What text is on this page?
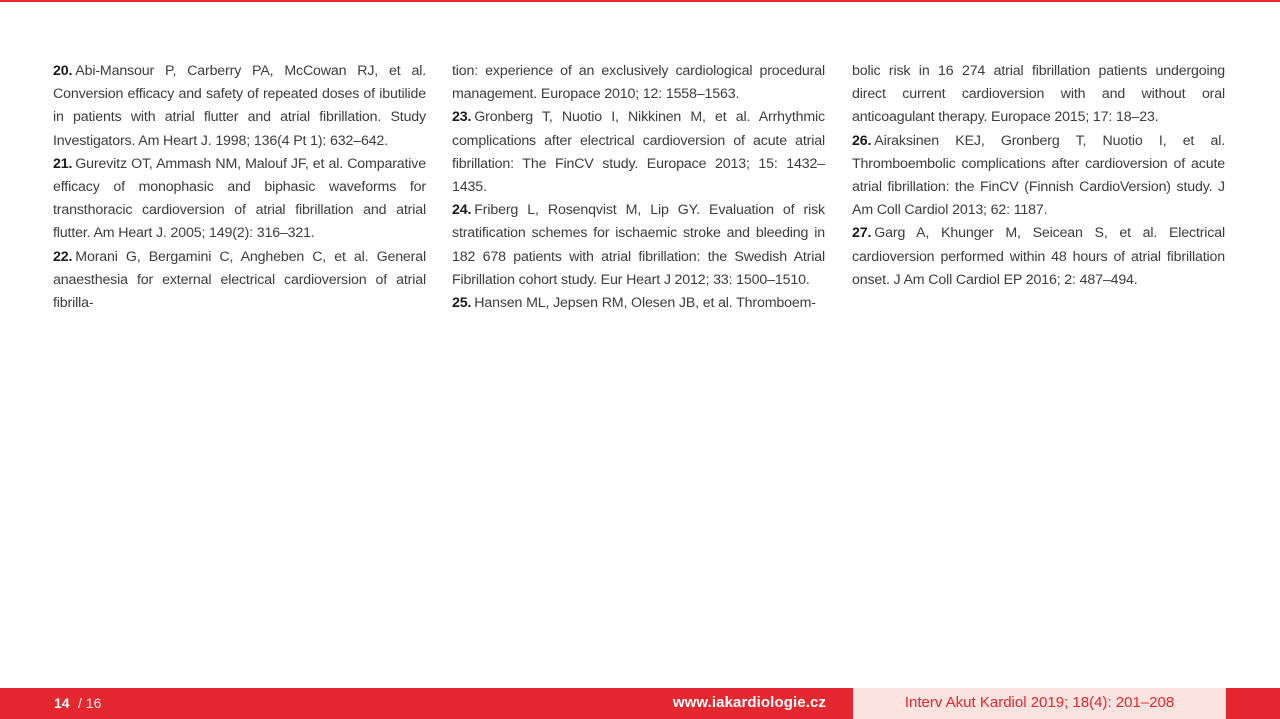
20. Abi-Mansour P, Carberry PA, McCowan RJ, et al. Conversion efficacy and safety of repeated doses of ibutilide in patients with atrial flutter and atrial fibrillation. Study Investigators. Am Heart J. 1998; 136(4 Pt 1): 632–642.

21. Gurevitz OT, Ammash NM, Malouf JF, et al. Comparative efficacy of monophasic and biphasic waveforms for transthoracic cardioversion of atrial fibrillation and atrial flutter. Am Heart J. 2005; 149(2): 316–321.

22. Morani G, Bergamini C, Angheben C, et al. General anaesthesia for external electrical cardioversion of atrial fibrilla-

tion: experience of an exclusively cardiological procedural management. Europace 2010; 12: 1558–1563.

23. Gronberg T, Nuotio I, Nikkinen M, et al. Arrhythmic complications after electrical cardioversion of acute atrial fibrillation: The FinCV study. Europace 2013; 15: 1432–1435.

24. Friberg L, Rosenqvist M, Lip GY. Evaluation of risk stratification schemes for ischaemic stroke and bleeding in 182 678 patients with atrial fibrillation: the Swedish Atrial Fibrillation cohort study. Eur Heart J 2012; 33: 1500–1510.

25. Hansen ML, Jepsen RM, Olesen JB, et al. Thromboem-

bolic risk in 16 274 atrial fibrillation patients undergoing direct current cardioversion with and without oral anticoagulant therapy. Europace 2015; 17: 18–23.

26. Airaksinen KEJ, Gronberg T, Nuotio I, et al. Thromboembolic complications after cardioversion of acute atrial fibrillation: the FinCV (Finnish CardioVersion) study. J Am Coll Cardiol 2013; 62: 1187.

27. Garg A, Khunger M, Seicean S, et al. Electrical cardioversion performed within 48 hours of atrial fibrillation onset. J Am Coll Cardiol EP 2016; 2: 487–494.

14 / 16	www.iakardiologie.cz	Interv Akut Kardiol 2019; 18(4): 201–208
